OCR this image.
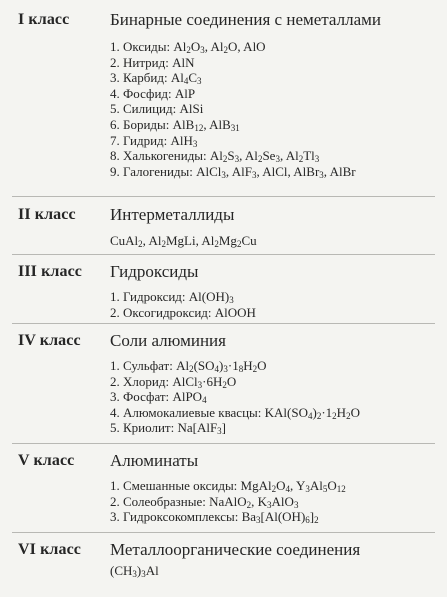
I класс Бинарные соединения с неметаллами
1. Оксиды: $Al_2O_3$, $Al_2O$, AlO
2. Нитрид: AlN
3. Карбид: $Al_4C_3$
4. Фосфид: AlP
5. Силицид: AlSi
6. Бориды: AlB$_{12}$, AlB$_{31}$
7. Гидрид: AlH$_3$
8. Халькогениды: $Al_2S_3$, $Al_2Se_3$, $Al_2Tl_3$
9. Галогениды: AlCl$_3$, AlF$_3$, AlCl, AlBr$_3$, AlBr
II класс Интерметаллиды
CuAl$_2$, $Al_2MgLi$, $Al_2Mg_2Cu$
III класс Гидроксиды
1. Гидроксид: $Al(OH)_3$
2. Оксогидроксид: AlOOH
IV класс Соли алюминия
1. Сульфат: $Al_2(SO_4)_3\cdot 1_8H_2O$
2. Хлорид: $AlCl_3\cdot 6H_2O$
3. Фосфат: AlPO$_4$
4. Алюмокалиевые квасцы: $KAl(SO_4)_2\cdot 1_2H_2O$
5. Криолит: Na[AlF$_3$]
V класс Алюминаты
1. Смешанные оксиды: $MgAl_2O_4$, $Y_3Al_5O_{12}$
2. Солеобразные: NaAlO$_2$, $K_3AlO_3$
3. Гидроксокомплексы: $Ba_3[Al(OH)_6]_2$
VI класс Металлоорганические соединения
$(CH_3)_3Al$
